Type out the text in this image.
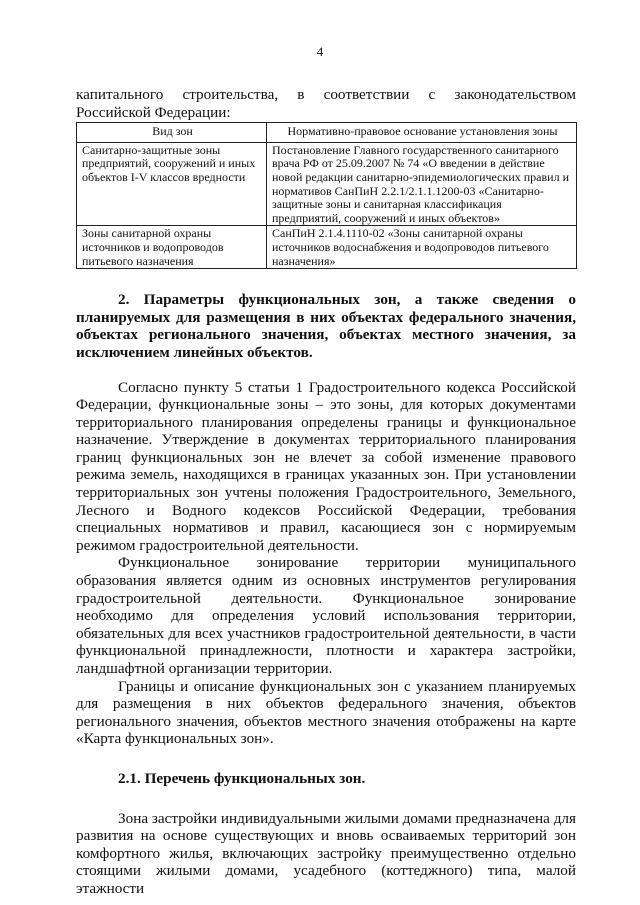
4

капитального строительства, в соответствии с законодательством Российской Федерации:

Вид зон	Нормативно-правовое основание установления зоны
Санитарно-защитные зоны предприятий, сооружений и иных объектов I-V классов вредности	Постановление Главного государственного санитарного врача РФ от 25.09.2007 № 74 «О введении в действие новой редакции санитарно-эпидемиологических правил и нормативов СанПиН 2.2.1/2.1.1.1200-03 «Санитарно-защитные зоны и санитарная классификация предприятий, сооружений и иных объектов»
Зоны санитарной охраны источников и водопроводов питьевого назначения	СанПиН 2.1.4.1110-02 «Зоны санитарной охраны источников водоснабжения и водопроводов питьевого назначения»
2. Параметры функциональных зон, а также сведения о планируемых для размещения в них объектах федерального значения, объектах регионального значения, объектах местного значения, за исключением линейных объектов.

Согласно пункту 5 статьи 1 Градостроительного кодекса Российской Федерации, функциональные зоны – это зоны, для которых документами территориального планирования определены границы и функциональное назначение. Утверждение в документах территориального планирования границ функциональных зон не влечет за собой изменение правового режима земель, находящихся в границах указанных зон. При установлении территориальных зон учтены положения Градостроительного, Земельного, Лесного и Водного кодексов Российской Федерации, требования специальных нормативов и правил, касающиеся зон с нормируемым режимом градостроительной деятельности.

Функциональное зонирование территории муниципального образования является одним из основных инструментов регулирования градостроительной деятельности. Функциональное зонирование необходимо для определения условий использования территории, обязательных для всех участников градостроительной деятельности, в части функциональной принадлежности, плотности и характера застройки, ландшафтной организации территории.

Границы и описание функциональных зон с указанием планируемых для размещения в них объектов федерального значения, объектов регионального значения, объектов местного значения отображены на карте «Карта функциональных зон».

2.1. Перечень функциональных зон.

Зона застройки индивидуальными жилыми домами предназначена для развития на основе существующих и вновь осваиваемых территорий зон комфортного жилья, включающих застройку преимущественно отдельно стоящими жилыми домами, усадебного (коттеджного) типа, малой этажности
